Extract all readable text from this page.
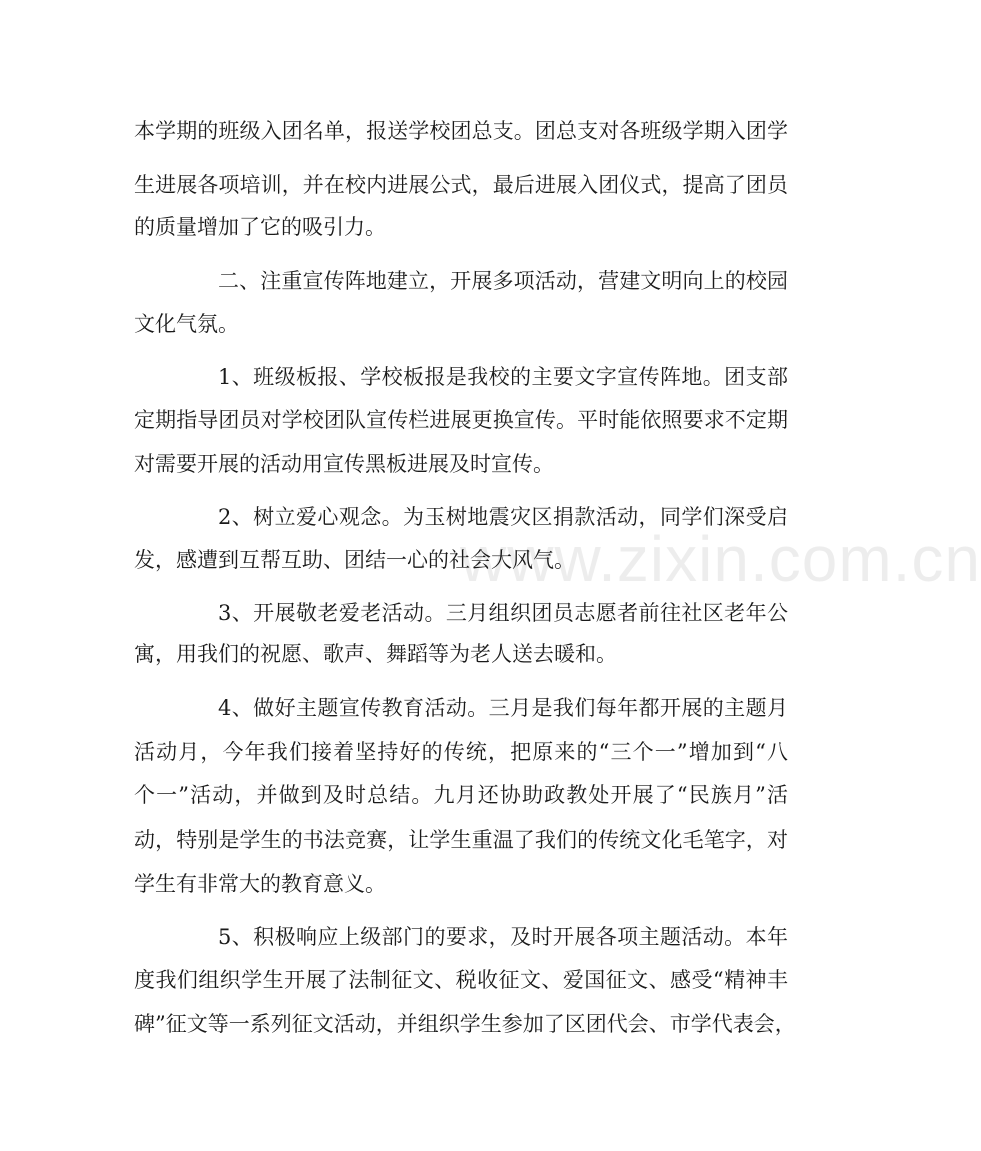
www.zixin.com.cn
本学期的班级入团名单，报送学校团总支。团总支对各班级学期入团学
生进展各项培训，并在校内进展公式，最后进展入团仪式，提高了团员
的质量增加了它的吸引力。
二、注重宣传阵地建立，开展多项活动，营建文明向上的校园
文化气氛。
1、班级板报、学校板报是我校的主要文字宣传阵地。团支部
定期指导团员对学校团队宣传栏进展更换宣传。平时能依照要求不定期
对需要开展的活动用宣传黑板进展及时宣传。
2、树立爱心观念。为玉树地震灾区捐款活动，同学们深受启
发，感遭到互帮互助、团结一心的社会大风气。
3、开展敬老爱老活动。三月组织团员志愿者前往社区老年公
寓，用我们的祝愿、歌声、舞蹈等为老人送去暖和。
4、做好主题宣传教育活动。三月是我们每年都开展的主题月
活动月，今年我们接着坚持好的传统，把原来的“三个一”增加到“八
个一”活动，并做到及时总结。九月还协助政教处开展了“民族月”活
动，特别是学生的书法竞赛，让学生重温了我们的传统文化毛笔字，对
学生有非常大的教育意义。
5、积极响应上级部门的要求，及时开展各项主题活动。本年
度我们组织学生开展了法制征文、税收征文、爱国征文、感受“精神丰
碑”征文等一系列征文活动，并组织学生参加了区团代会、市学代表会，
